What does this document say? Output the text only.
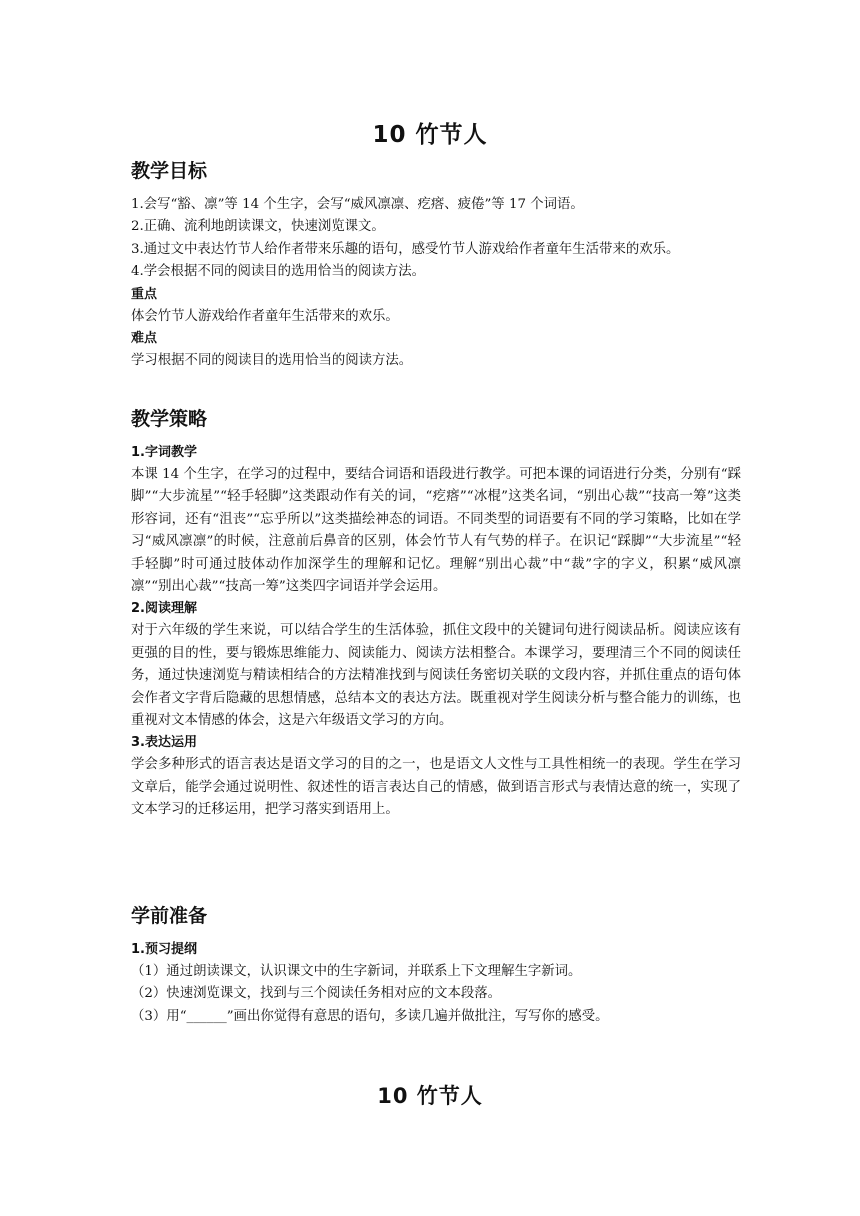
10 竹节人
教学目标

1.会写“豁、凛”等 14 个生字，会写“威风凛凛、疙瘩、疲倦”等 17 个词语。

2.正确、流利地朗读课文，快速浏览课文。

3.通过文中表达竹节人给作者带来乐趣的语句，感受竹节人游戏给作者童年生活带来的欢乐。

4.学会根据不同的阅读目的选用恰当的阅读方法。

重点

体会竹节人游戏给作者童年生活带来的欢乐。

难点

学习根据不同的阅读目的选用恰当的阅读方法。

教学策略
1.字词教学

本课 14 个生字，在学习的过程中，要结合词语和语段进行教学。可把本课的词语进行分类，分别有“踩脚”“大步流星”“轻手轻脚”这类跟动作有关的词，“疙瘩”“冰棍”这类名词，“别出心裁”“技高一筹”这类形容词，还有“沮丧”“忘乎所以”这类描绘神态的词语。不同类型的词语要有不同的学习策略，比如在学习“威风凛凛”的时候，注意前后鼻音的区别，体会竹节人有气势的样子。在识记“踩脚”“大步流星”“轻手轻脚”时可通过肢体动作加深学生的理解和记忆。理解“别出心裁”中“裁”字的字义，积累“威风凛凛”“别出心裁”“技高一筹”这类四字词语并学会运用。

2.阅读理解

对于六年级的学生来说，可以结合学生的生活体验，抓住文段中的关键词句进行阅读品析。阅读应该有更强的目的性，要与锻炼思维能力、阅读能力、阅读方法相整合。本课学习，要理清三个不同的阅读任务，通过快速浏览与精读相结合的方法精准找到与阅读任务密切关联的文段内容，并抓住重点的语句体会作者文字背后隐藏的思想情感，总结本文的表达方法。既重视对学生阅读分析与整合能力的训练，也重视对文本情感的体会，这是六年级语文学习的方向。

3.表达运用

学会多种形式的语言表达是语文学习的目的之一，也是语文人文性与工具性相统一的表现。学生在学习文章后，能学会通过说明性、叙述性的语言表达自己的情感，做到语言形式与表情达意的统一，实现了文本学习的迁移运用，把学习落实到语用上。

学前准备
1.预习提纲

（1）通过朗读课文，认识课文中的生字新词，并联系上下文理解生字新词。

（2）快速浏览课文，找到与三个阅读任务相对应的文本段落。

（3）用“______”画出你觉得有意思的语句，多读几遍并做批注，写写你的感受。

10 竹节人
